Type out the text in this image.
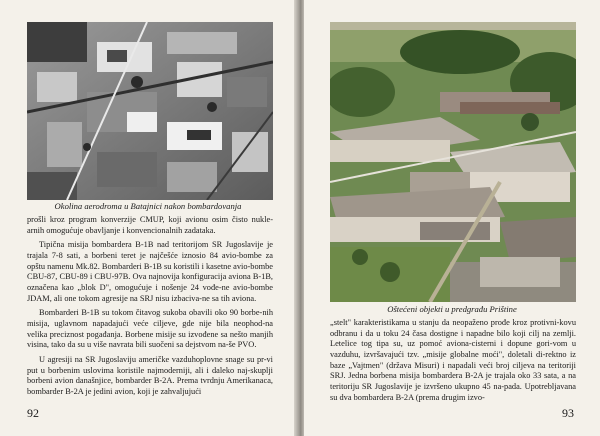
Okolina aerodroma u Batajnici nakon bombardovanja

prošli kroz program konverzije CMUP, koji avionu osim čisto nukle-arnih omogućuje obavljanje i konvencionalnih zadataka.

Tipična misija bombardera B-1B nad teritorijom SR Jugoslavije je trajala 7-8 sati, a borbeni teret je najčešće iznosio 84 avio-bombe za opštu namenu Mk.82. Bombarderi B-1B su koristili i kasetne avio-bombe CBU-87, CBU-89 i CBU-97B. Ova najnovija konfiguracija aviona B-1B, označena kao „blok D", omogućuje i nošenje 24 vođe-ne avio-bombe JDAM, ali one tokom agresije na SRJ nisu izbaciva-ne sa tih aviona.

Bombarderi B-1B su tokom čitavog sukoba obavili oko 90 borbe-nih misija, uglavnom napadajući veće ciljeve, gde nije bila neophod-na velika preciznost pogađanja. Borbene misije su izvođene sa nešto manjih visina, tako da su u više navrata bili suočeni sa dejstvom na-še PVO.

U agresiji na SR Jugoslaviju američke vazduhoplovne snage su pr-vi put u borbenim uslovima koristile najmoderniji, ali i daleko naj-skuplji borbeni avion današnjice, bombarder B-2A. Prema tvrdnju Amerikanaca, bombarder B-2A je jedini avion, koji je zahvaljujući

92
Oštećeni objekti u predgrađu Prištine

„stelt" karakteristikama u stanju da neopaženo prođe kroz protivni-kovu odbranu i da u toku 24 časa dostigne i napadne bilo koji cilj na zemlji. Letelice tog tipa su, uz pomoć aviona-cisterni i dopune gori-vom u vazduhu, izvršavajući tzv. „misije globalne moći", doletali di-rektno iz baze „Vajtmen" (država Misuri) i napadali veći broj ciljeva na teritoriji SRJ. Jedna borbena misija bombardera B-2A je trajala oko 33 sata, a na teritoriju SR Jugoslavije je izvršeno ukupno 45 na-pada. Upotrebljavana su dva bombardera B-2A (prema drugim izvo-

93
